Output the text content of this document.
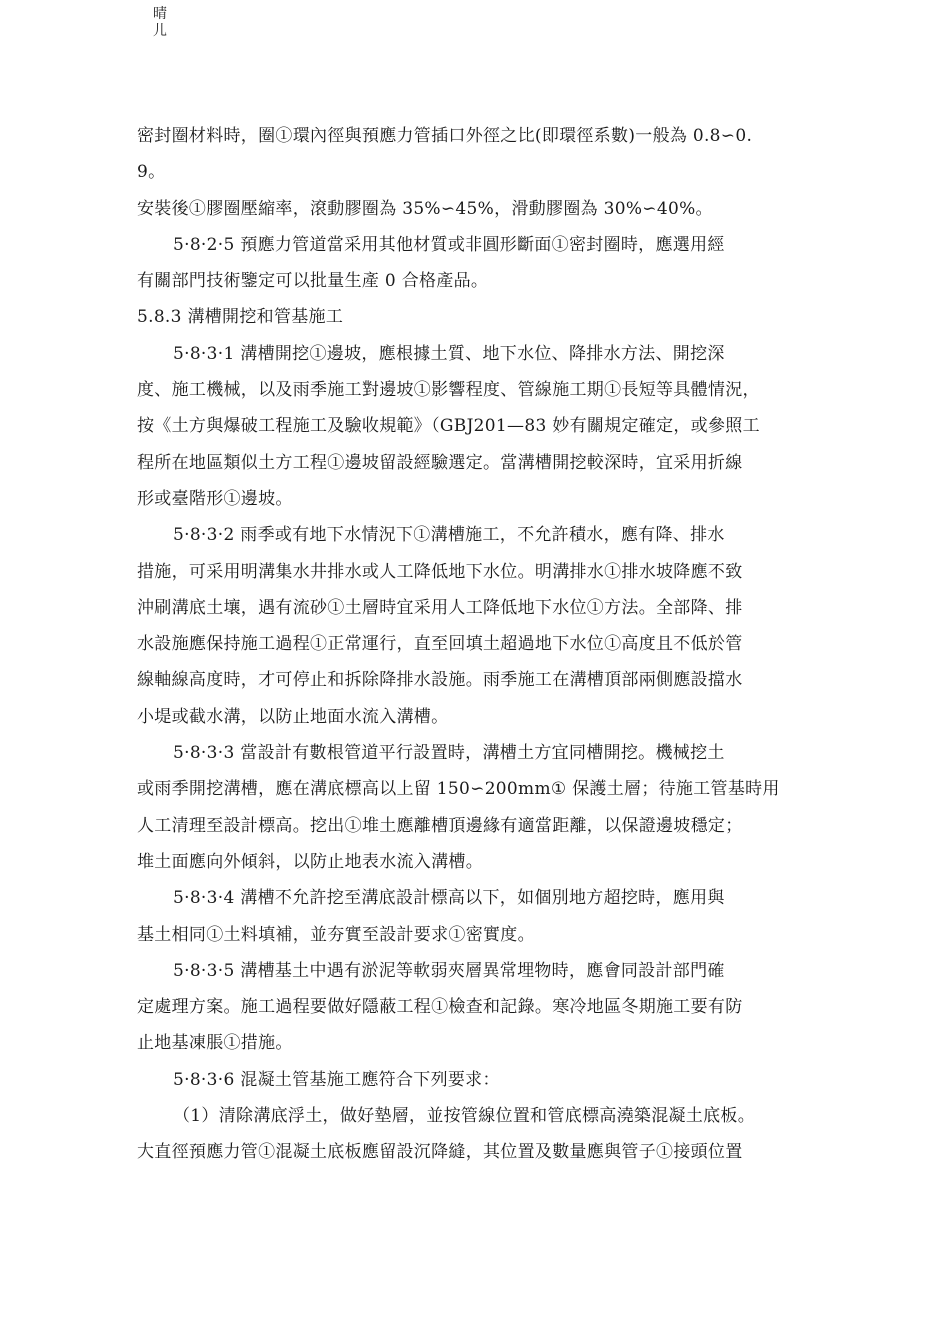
晴
儿

密封圈材料時，圈①環內徑與預應力管插口外徑之比(即環徑系數)一般為 0.8∽0.
9。

安裝後①膠圈壓縮率，滾動膠圈為 35%∽45%，滑動膠圈為 30%∽40%。

5·8·2·5 預應力管道當采用其他材質或非圓形斷面①密封圈時，應選用經
有關部門技術鑒定可以批量生產 0 合格產品。

5.8.3 溝槽開挖和管基施工

5·8·3·1 溝槽開挖①邊坡，應根據土質、地下水位、降排水方法、開挖深
度、施工機械，以及雨季施工對邊坡①影響程度、管線施工期①長短等具體情況，
按《土方與爆破工程施工及驗收規範》（GBJ201—83 妙有關規定確定，或參照工
程所在地區類似土方工程①邊坡留設經驗選定。當溝槽開挖較深時，宜采用折線
形或臺階形①邊坡。

5·8·3·2 雨季或有地下水情況下①溝槽施工，不允許積水，應有降、排水
措施，可采用明溝集水井排水或人工降低地下水位。明溝排水①排水坡降應不致
沖刷溝底土壤，遇有流砂①土層時宜采用人工降低地下水位①方法。全部降、排
水設施應保持施工過程①正常運行，直至回填土超過地下水位①高度且不低於管
線軸線高度時，才可停止和拆除降排水設施。雨季施工在溝槽頂部兩側應設擋水
小堤或截水溝，以防止地面水流入溝槽。

5·8·3·3 當設計有數根管道平行設置時，溝槽土方宜同槽開挖。機械挖土
或雨季開挖溝槽，應在溝底標高以上留 150∽200mm① 保護土層；待施工管基時用
人工清理至設計標高。挖出①堆土應離槽頂邊緣有適當距離，以保證邊坡穩定；
堆土面應向外傾斜，以防止地表水流入溝槽。

5·8·3·4 溝槽不允許挖至溝底設計標高以下，如個別地方超挖時，應用與
基土相同①土料填補，並夯實至設計要求①密實度。

5·8·3·5 溝槽基土中遇有淤泥等軟弱夾層異常埋物時，應會同設計部門確
定處理方案。施工過程要做好隱蔽工程①檢查和記錄。寒冷地區冬期施工要有防
止地基凍脹①措施。

5·8·3·6 混凝土管基施工應符合下列要求：

（1）清除溝底浮土，做好墊層，並按管線位置和管底標高澆築混凝土底板。
大直徑預應力管①混凝土底板應留設沉降縫，其位置及數量應與管子①接頭位置
